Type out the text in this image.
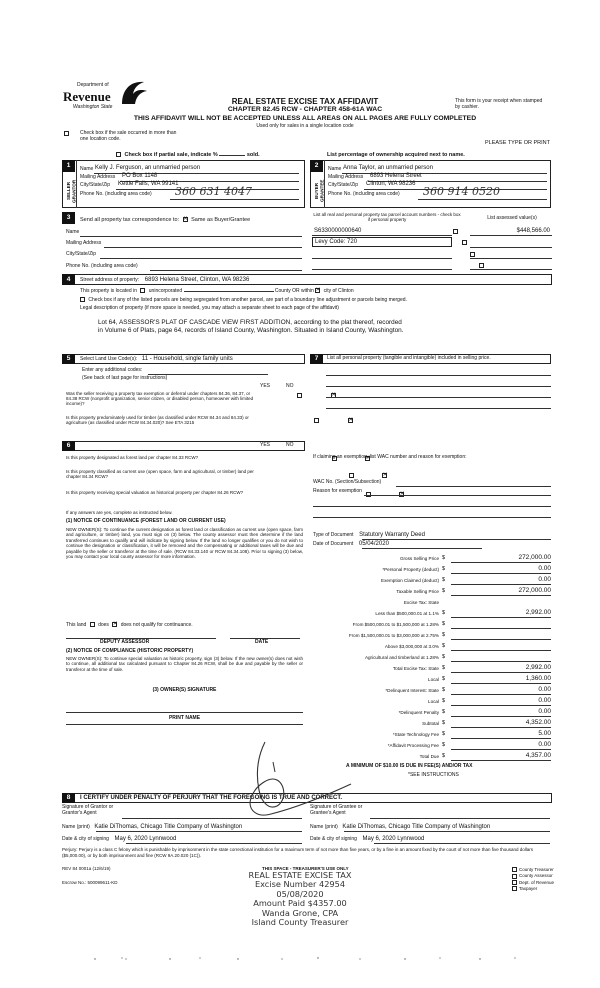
Department of
Revenue
Washington State
REAL ESTATE EXCISE TAX AFFIDAVIT
CHAPTER 82.45 RCW - CHAPTER 458-61A WAC
THIS AFFIDAVIT WILL NOT BE ACCEPTED UNLESS ALL AREAS ON ALL PAGES ARE FULLY COMPLETED
Used only for sales in a single location code
This form is your receipt when stamped by cashier.
Check box if the sale occurred in more than one location code.
PLEASE TYPE OR PRINT
Check box if partial sale, indicate %	sold.	List percentage of ownership acquired next to name.
1
SELLER GRANTOR
Name Kelly J. Ferguson, an unmarried person
Mailing Address PO Box 1148
City/State/Zip Kettle Falls, WA 99141
Phone No. (including area code) 360 631 4047
2
BUYER GRANTEE
Name Anna Taylor, an unmarried person
Mailing Address 6893 Helena Street
City/State/Zip Clinton, WA 98236
Phone No. (including area code) 360 914 0520
3	Send all property tax correspondence to: ✕ Same as Buyer/Grantee
Name
Mailing Address
City/State/Zip
Phone No. (including area code)
List all real and personal property tax parcel account numbers - check box if personal property	List assessed value(s)
S6330000000640
	$448,566.00
Levy Code: 720

4	Street address of property: 6893 Helena Street, Clinton, WA 98236
This property is located in unincorporated	County OR within ✕ city of Clinton
Check box if any of the listed parcels are being segregated from another parcel, are part of a boundary line adjustment or parcels being merged.
Legal description of property (if more space is needed, you may attach a separate sheet to each page of the affidavit)
Lot 64, ASSESSOR'S PLAT OF CASCADE VIEW FIRST ADDITION, according to the plat thereof, recorded in Volume 6 of Plats, page 64, records of Island County, Washington. Situated in Island County, Washington.
5	Select Land Use Code(s): 11 - Household, single family units
Enter any additional codes:
(See back of last page for instructions)
YES	NO
Was the seller receiving a property tax exemption or deferral under chapters 84.36, 84.37, or 84.38 RCW (nonprofit organization, senior citizen, or disabled person, homeowner with limited income)?
✕
Is this property predominately used for timber (as classified under RCW 84.34 and 84.33) or agriculture (as classified under RCW 84.34.020)? See ETA 3215
✕
6	YES	NO
Is this property designated as forest land per chapter 84.33 RCW?
✕
Is this property classified as current use (open space, farm and agricultural, or timber) land per chapter 84.34 RCW?
✕
Is this property receiving special valuation as historical property per chapter 84.26 RCW?
✕
If any answers are yes, complete as instructed below.
(1) NOTICE OF CONTINUANCE (FOREST LAND OR CURRENT USE)
NEW OWNER(S): To continue the current designation as forest land or classification as current use (open space, farm and agriculture, or timber) land, you must sign on (3) below. The county assessor must then determine if the land transferred continues to qualify and will indicate by signing below. If the land no longer qualifies or you do not wish to continue the designation or classification, it will be removed and the compensating or additional taxes will be due and payable by the seller or transferor at the time of sale. (RCW 84.33.140 or RCW 84.34.108). Prior to signing (3) below, you may contact your local county assessor for more information.
This land does ✕ does not qualify for continuance.
DEPUTY ASSESSOR	DATE
(2) NOTICE OF COMPLIANCE (HISTORIC PROPERTY)
NEW OWNER(S): To continue special valuation as historic property, sign (3) below. If the new owner(s) does not wish to continue, all additional tax calculated pursuant to Chapter 84.26 RCW, shall be due and payable by the seller or transferor at the time of sale.
(3) OWNER(S) SIGNATURE
PRINT NAME
7	List all personal property (tangible and intangible) included in selling price.
If claiming an exemption, list WAC number and reason for exemption:
WAC No. (Section/Subsection)
Reason for exemption
Type of Document Statutory Warranty Deed
Date of Document 05/04/2020
Gross Selling Price $	272,000.00
*Personal Property (deduct) $	0.00
Exemption Claimed (deduct) $	0.00
Taxable Selling Price $	272,000.00
Excise Tax: State
Less than $500,000.01 at 1.1% $	2,992.00
From $500,000.01 to $1,500,000 at 1.28% $
From $1,500,000.01 to $3,000,000 at 2.75% $
Above $3,000,000 at 3.0% $
Agricultural and timberland at 1.28% $
Total Excise Tax: State $	2,992.00
Local $	1,360.00
*Delinquent Interest: State $	0.00
Local $	0.00
*Delinquent Penalty $	0.00
Subtotal $	4,352.00
*State Technology Fee $	5.00
*Affidavit Processing Fee $	0.00
Total Due $	4,357.00
A MINIMUM OF $10.00 IS DUE IN FEE(S) AND/OR TAX
*SEE INSTRUCTIONS
8	I CERTIFY UNDER PENALTY OF PERJURY THAT THE FOREGOING IS TRUE AND CORRECT.
Signature of Grantor or Grantor's Agent
Signature of Grantee or Grantee's Agent
Name (print) Katie DiThomas, Chicago Title Company of Washington	Name (print) Katie DiThomas, Chicago Title Company of Washington
Date & city of signing May 6, 2020 Lynnwood	Date & city of signing May 6, 2020 Lynnwood
Perjury: Perjury is a class C felony which is punishable by imprisonment in the state correctional institution for a maximum term of not more than five years, or by a fine in an amount fixed by the court of not more than five thousand dollars ($5,000.00), or by both imprisonment and fine (RCW 9A.20.020 (1C)).
REV 84 0001a (12/6/19)	THIS SPACE - TREASURER'S USE ONLY
Escrow No.: 500099611-KD
County Treasurer
County Assessor
Dept. of Revenue
Taxpayer
REAL ESTATE EXCISE TAX
Excise Number 42954
05/08/2020
Amount Paid $4357.00
Wanda Grone, CPA
Island County Treasurer
